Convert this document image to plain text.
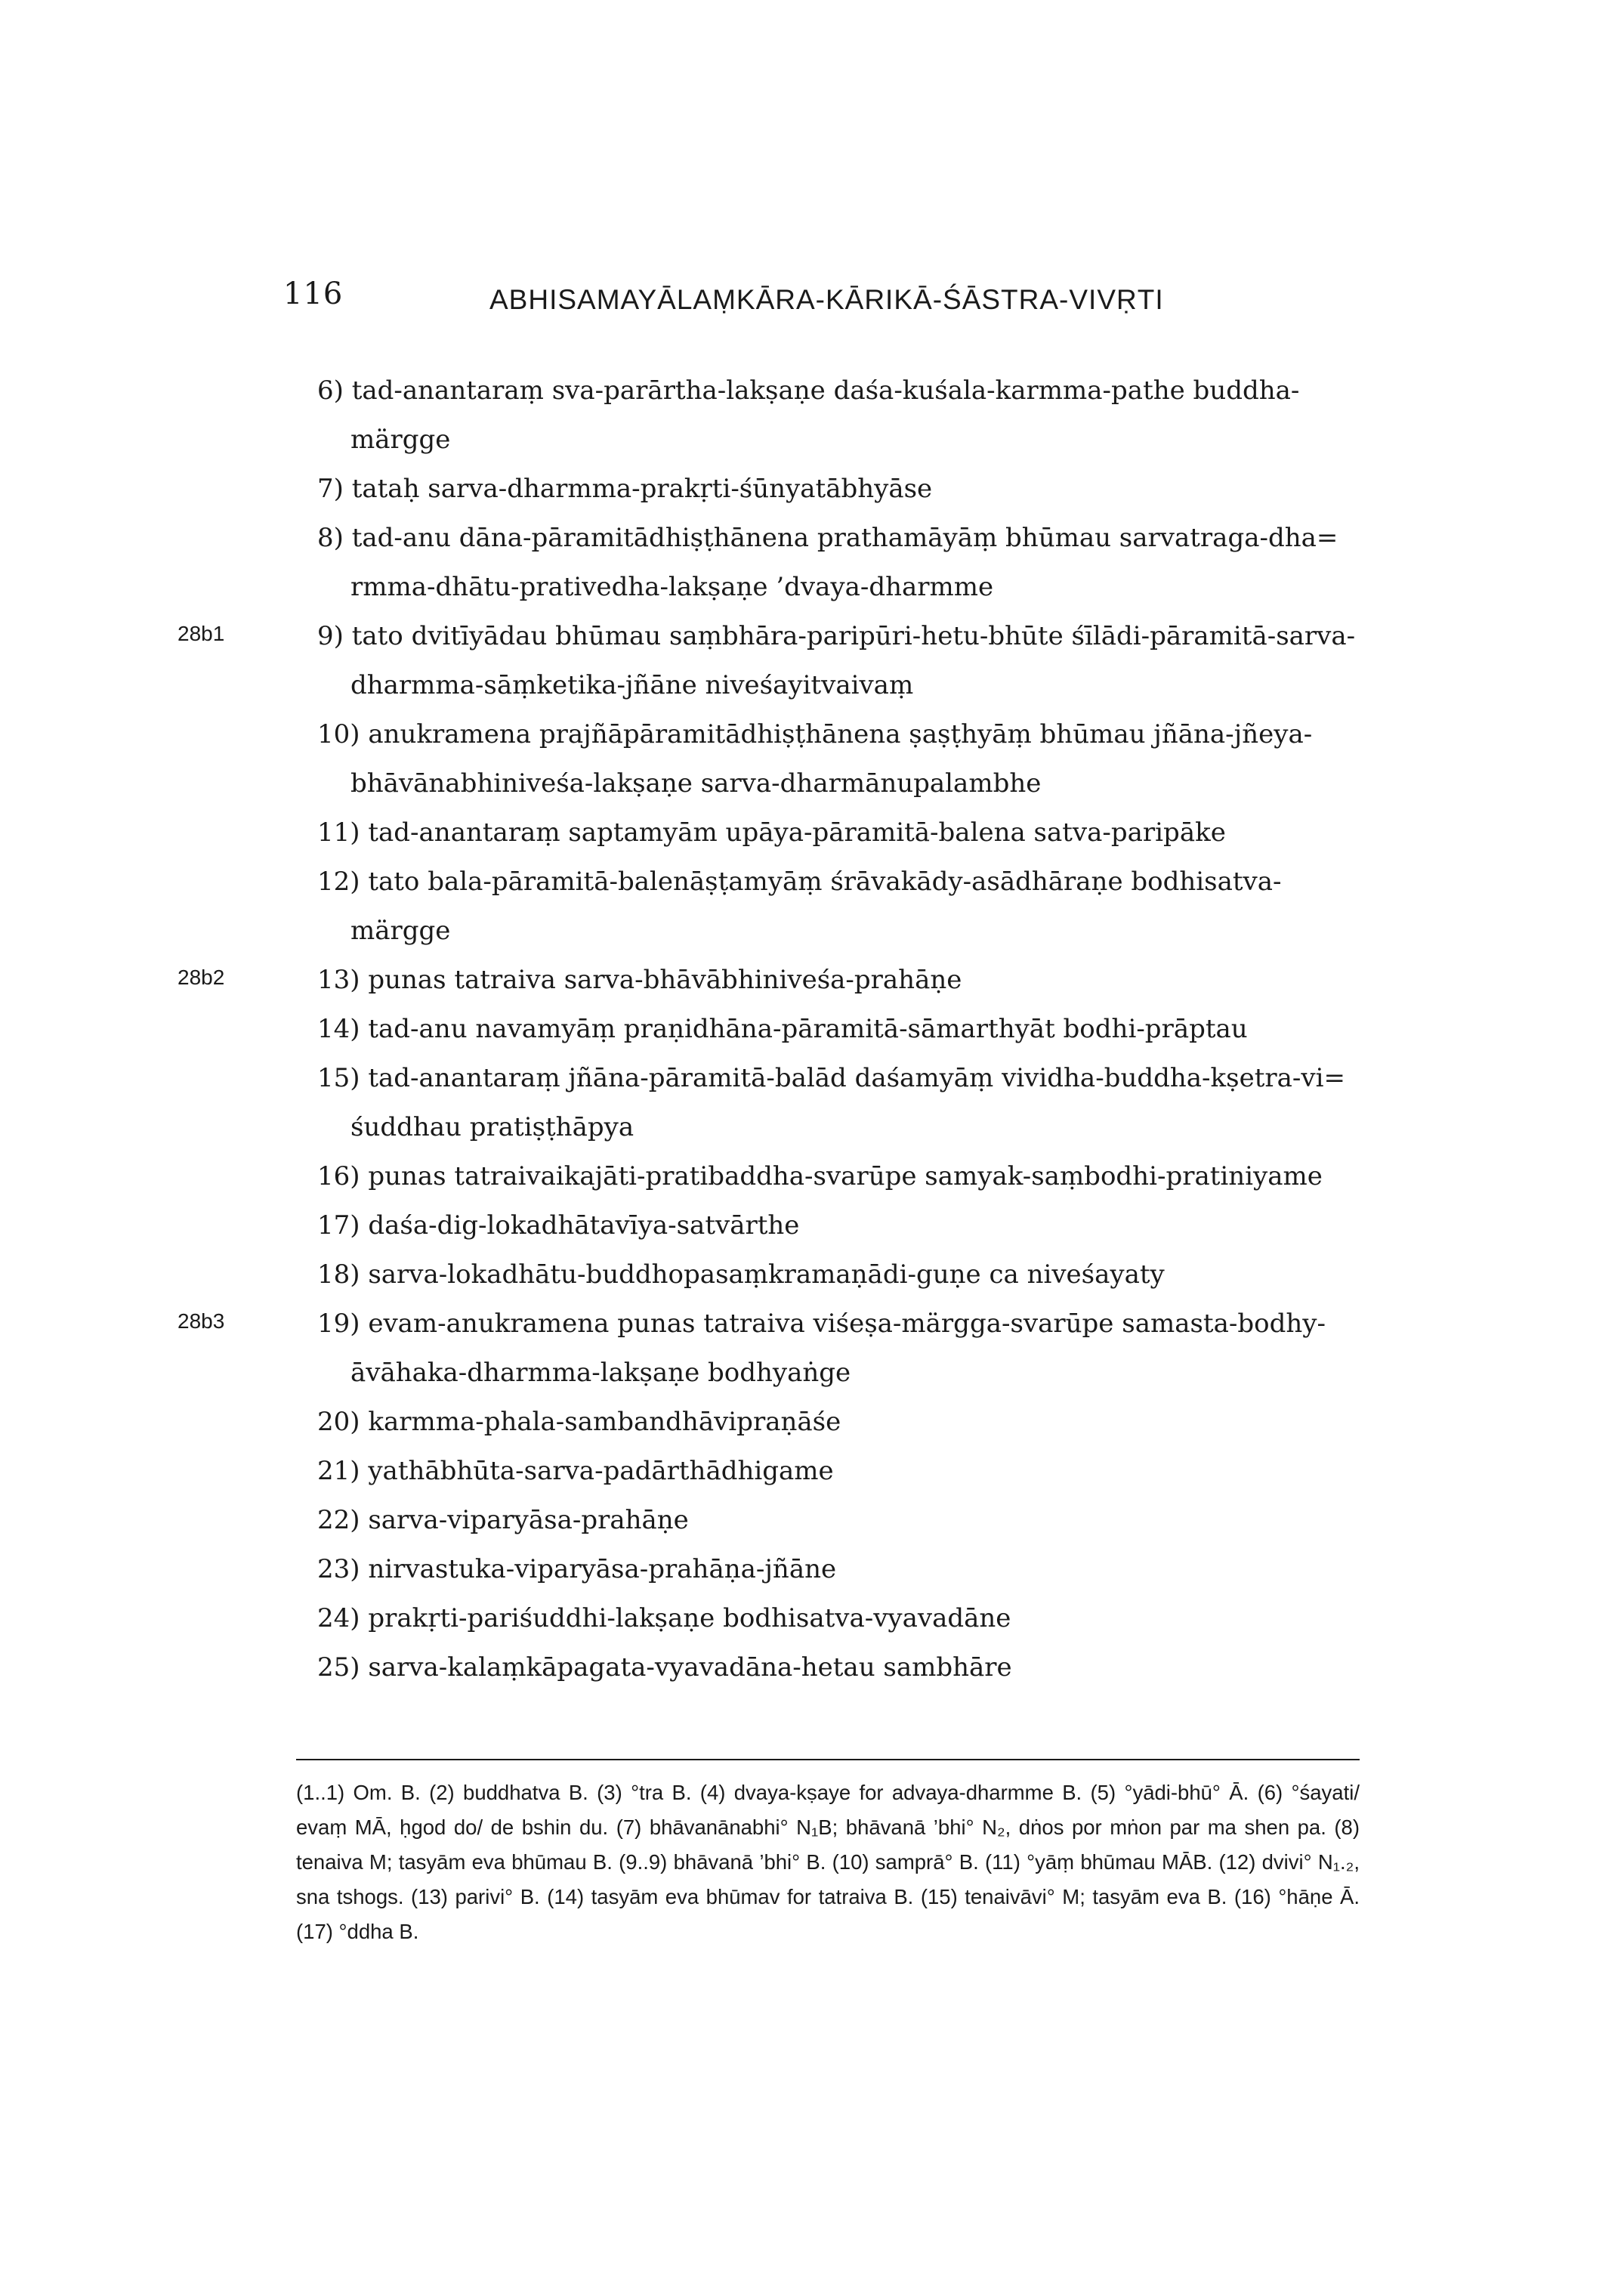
116	ABHISAMAYĀLAṂKĀRA-KĀRIKĀ-ŚĀSTRA-VIVṚTI
6) tad-anantaraṃ sva-parārtha-lakṣaṇe daśa-kuśala-karmma-pathe buddha-
märgge
7) tataḥ sarva-dharmma-prakṛti-śūnyatābhyāse
8) tad-anu dāna-pāramitādhiṣṭhānena prathamāyāṃ bhūmau sarvatraga-dha=
rmma-dhātu-prativedha-lakṣaṇe ’dvaya-dharmme
28b1	9) tato dvitīyādau bhūmau saṃbhāra-paripūri-hetu-bhūte śīlādi-pāramitā-sarva-
dharmma-sāṃketika-jñāne niveśayitvaivaṃ
10) anukramena prajñāpāramitādhiṣṭhānena ṣaṣṭhyāṃ bhūmau jñāna-jñeya-
bhāvānabhiniveśa-lakṣaṇe sarva-dharmānupalambhe
11) tad-anantaraṃ saptamyām upāya-pāramitā-balena satva-paripāke
12) tato bala-pāramitā-balenāṣṭamyāṃ śrāvakādy-asādhāraṇe bodhisatva-
märgge
28b2	13) punas tatraiva sarva-bhāvābhiniveśa-prahāṇe
14) tad-anu navamyāṃ praṇidhāna-pāramitā-sāmarthyāt bodhi-prāptau
15) tad-anantaraṃ jñāna-pāramitā-balād daśamyāṃ vividha-buddha-kṣetra-vi=
śuddhau pratiṣṭhāpya
16) punas tatraivaikajāti-pratibaddha-svarūpe samyak-saṃbodhi-pratiniyame
17) daśa-dig-lokadhātavīya-satvārthe
18) sarva-lokadhātu-buddhopasaṃkramaṇādi-guṇe ca niveśayaty
28b3	19) evam-anukramena punas tatraiva viśeṣa-märgga-svarūpe samasta-bodhy-
āvāhaka-dharmma-lakṣaṇe bodhyaṅge
20) karmma-phala-sambandhāvipraṇāśe
21) yathābhūta-sarva-padārthādhigame
22) sarva-viparyāsa-prahāṇe
23) nirvastuka-viparyāsa-prahāṇa-jñāne
24) prakṛti-pariśuddhi-lakṣaṇe bodhisatva-vyavadāne
25) sarva-kalaṃkāpagata-vyavadāna-hetau sambhāre
(1..1) Om. B. (2) buddhatva B. (3) °tra B. (4) dvaya-kṣaye for advaya-dharmme B. (5) °yādi-bhū° Ā. (6) °śayati/ evaṃ MĀ, ḥgod do/ de bshin du. (7) bhāvanānabhi° N₁B; bhāvanā ’bhi° N₂, dṅos por mṅon par ma shen pa. (8) tenaiva M; tasyām eva bhūmau B. (9..9) bhāvanā ’bhi° B. (10) samprā° B. (11) °yāṃ bhūmau MĀB. (12) dvivi° N₁.₂, sna tshogs. (13) parivi° B. (14) tasyām eva bhūmav for tatraiva B. (15) tenaivāvi° M; tasyām eva B. (16) °hāṇe Ā. (17) °ddha B.
